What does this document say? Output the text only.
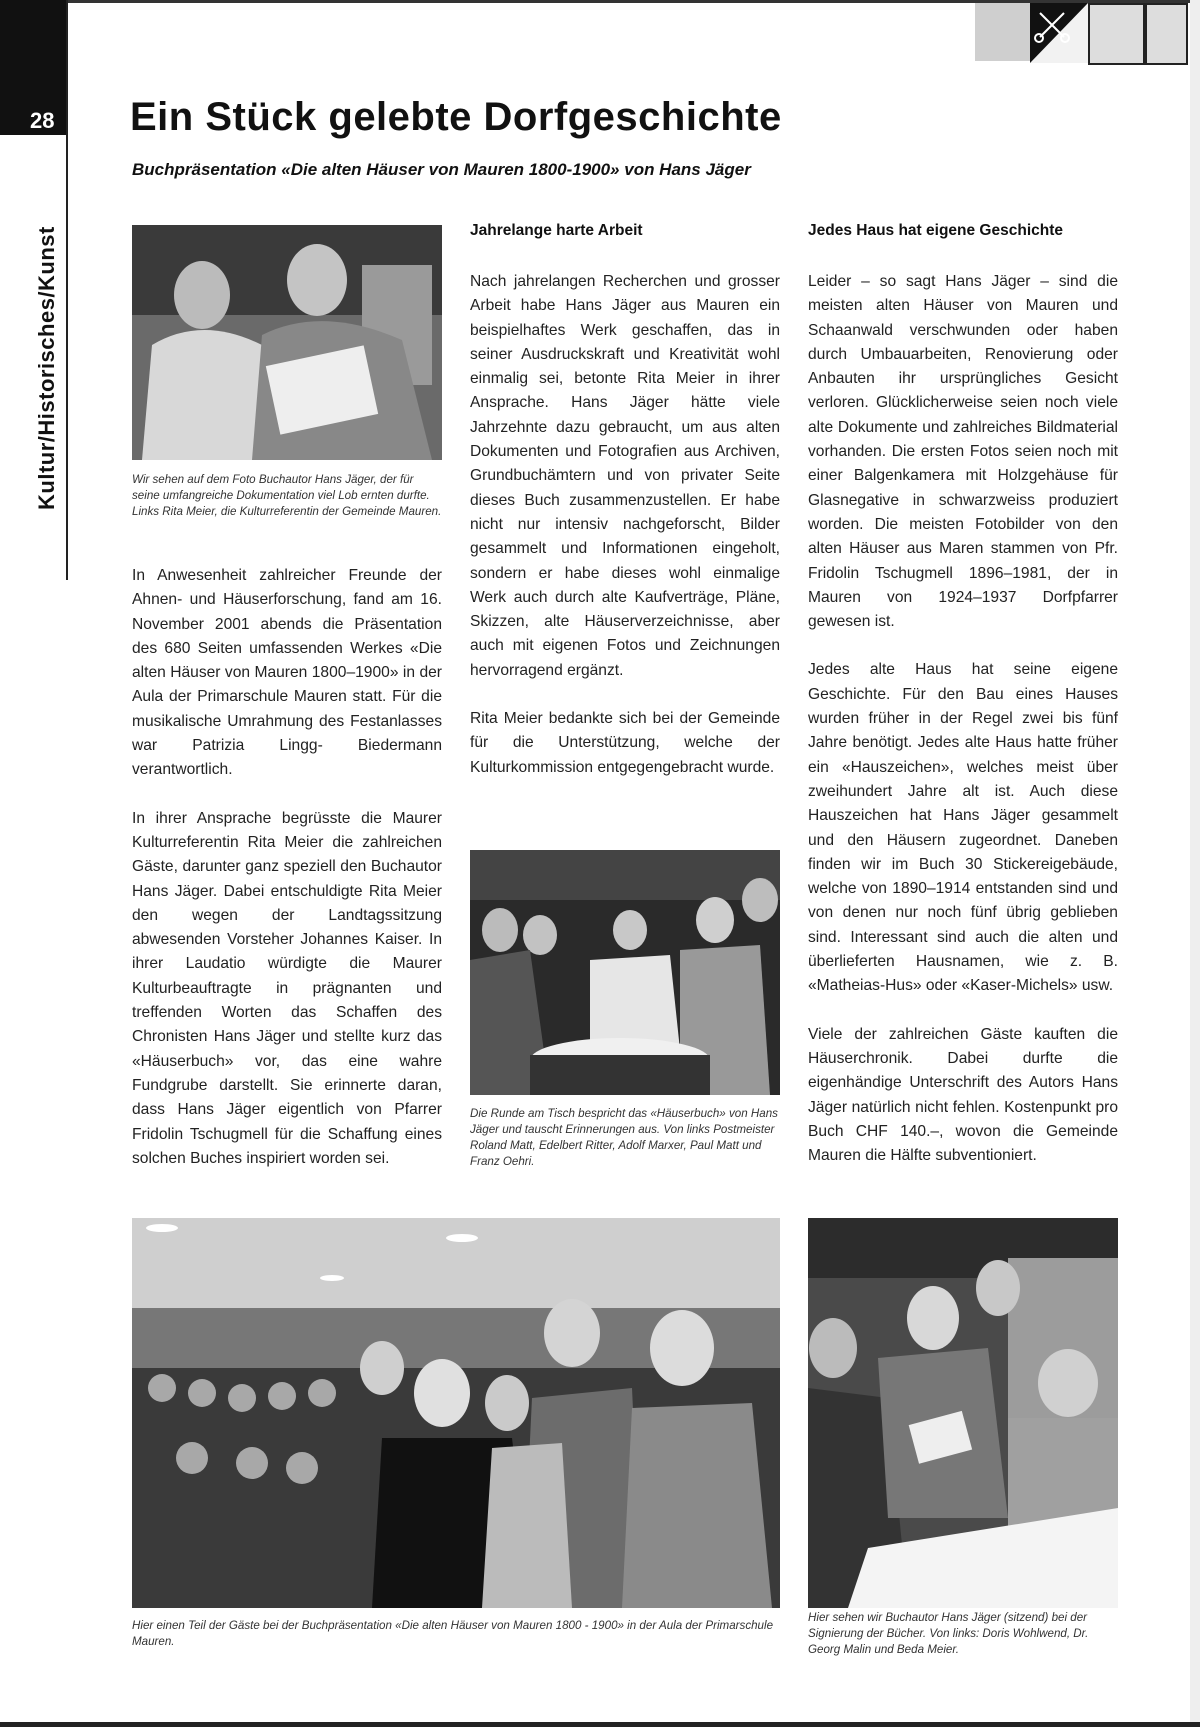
28
Kultur/Historisches/Kunst
Ein Stück gelebte Dorfgeschichte
Buchpräsentation «Die alten Häuser von Mauren 1800-1900» von Hans Jäger

Wir sehen auf dem Foto Buchautor Hans Jäger, der für seine umfangreiche Dokumentation viel Lob ernten durfte. Links Rita Meier, die Kulturreferentin der Gemeinde Mauren.

In Anwesenheit zahlreicher Freunde der Ahnen- und Häuserforschung, fand am 16. November 2001 abends die Präsentation des 680 Seiten umfassenden Werkes «Die alten Häuser von Mauren 1800–1900» in der Aula der Primarschule Mauren statt. Für die musikalische Umrahmung des Festanlasses war Patrizia Lingg- Biedermann verantwortlich.

In ihrer Ansprache begrüsste die Maurer Kulturreferentin Rita Meier die zahlreichen Gäste, darunter ganz speziell den Buchautor Hans Jäger. Dabei entschuldigte Rita Meier den wegen der Landtagssitzung abwesenden Vorsteher Johannes Kaiser. In ihrer Laudatio würdigte die Maurer Kulturbeauftragte in prägnanten und treffenden Worten das Schaffen des Chronisten Hans Jäger und stellte kurz das «Häuserbuch» vor, das eine wahre Fundgrube darstellt. Sie erinnerte daran, dass Hans Jäger eigentlich von Pfarrer Fridolin Tschugmell für die Schaffung eines solchen Buches inspiriert worden sei.

Jahrelange harte Arbeit

Nach jahrelangen Recherchen und grosser Arbeit habe Hans Jäger aus Mauren ein beispielhaftes Werk geschaffen, das in seiner Ausdruckskraft und Kreativität wohl einmalig sei, betonte Rita Meier in ihrer Ansprache. Hans Jäger hätte viele Jahrzehnte dazu gebraucht, um aus alten Dokumenten und Fotografien aus Archiven, Grundbuchämtern und von privater Seite dieses Buch zusammenzustellen. Er habe nicht nur intensiv nachgeforscht, Bilder gesammelt und Informationen eingeholt, sondern er habe dieses wohl einmalige Werk auch durch alte Kaufverträge, Pläne, Skizzen, alte Häuserverzeichnisse, aber auch mit eigenen Fotos und Zeichnungen hervorragend ergänzt.

Rita Meier bedankte sich bei der Gemeinde für die Unterstützung, welche der Kulturkommission entgegengebracht wurde.

Die Runde am Tisch bespricht das «Häuserbuch» von Hans Jäger und tauscht Erinnerungen aus. Von links Postmeister Roland Matt, Edelbert Ritter, Adolf Marxer, Paul Matt und Franz Oehri.

Jedes Haus hat eigene Geschichte

Leider – so sagt Hans Jäger – sind die meisten alten Häuser von Mauren und Schaanwald verschwunden oder haben durch Umbauarbeiten, Renovierung oder Anbauten ihr ursprüngliches Gesicht verloren. Glücklicherweise seien noch viele alte Dokumente und zahlreiches Bildmaterial vorhanden. Die ersten Fotos seien noch mit einer Balgenkamera mit Holzgehäuse für Glasnegative in schwarzweiss produziert worden. Die meisten Fotobilder von den alten Häuser aus Maren stammen von Pfr. Fridolin Tschugmell 1896–1981, der in Mauren von 1924–1937 Dorfpfarrer gewesen ist.

Jedes alte Haus hat seine eigene Geschichte. Für den Bau eines Hauses wurden früher in der Regel zwei bis fünf Jahre benötigt. Jedes alte Haus hatte früher ein «Hauszeichen», welches meist über zweihundert Jahre alt ist. Auch diese Hauszeichen hat Hans Jäger gesammelt und den Häusern zugeordnet. Daneben finden wir im Buch 30 Stickereigebäude, welche von 1890–1914 entstanden sind und von denen nur noch fünf übrig geblieben sind. Interessant sind auch die alten und überlieferten Hausnamen, wie z. B. «Matheias-Hus» oder «Kaser-Michels» usw.

Viele der zahlreichen Gäste kauften die Häuserchronik. Dabei durfte die eigenhändige Unterschrift des Autors Hans Jäger natürlich nicht fehlen. Kostenpunkt pro Buch CHF 140.–, wovon die Gemeinde Mauren die Hälfte subventioniert.

Hier einen Teil der Gäste bei der Buchpräsentation «Die alten Häuser von Mauren 1800 - 1900» in der Aula der Primarschule Mauren.

Hier sehen wir Buchautor Hans Jäger (sitzend) bei der Signierung der Bücher. Von links: Doris Wohlwend, Dr. Georg Malin und Beda Meier.
